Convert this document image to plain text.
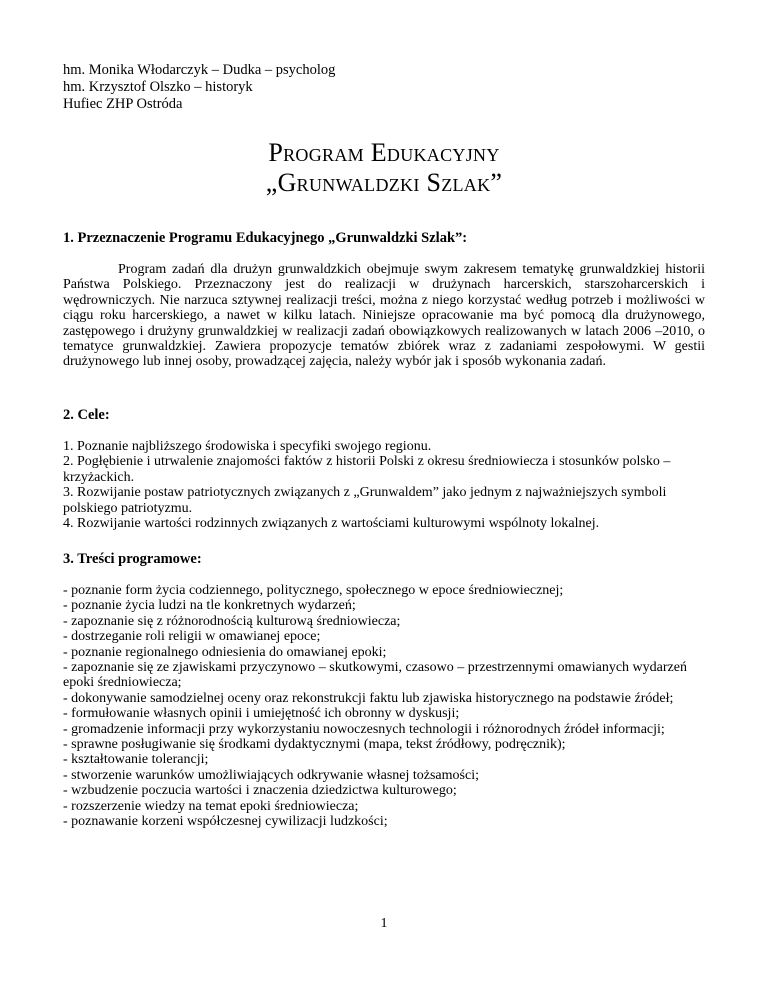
hm. Monika Włodarczyk – Dudka – psycholog
hm. Krzysztof Olszko – historyk
Hufiec ZHP Ostróda
Program Edukacyjny
„Grunwaldzki Szlak”
1. Przeznaczenie Programu Edukacyjnego „Grunwaldzki Szlak”:
Program zadań dla drużyn grunwaldzkich obejmuje swym zakresem tematykę grunwaldzkiej historii Państwa Polskiego. Przeznaczony jest do realizacji w drużynach harcerskich, starszoharcerskich i wędrowniczych. Nie narzuca sztywnej realizacji treści, można z niego korzystać według potrzeb i możliwości w ciągu roku harcerskiego, a nawet w kilku latach. Niniejsze opracowanie ma być pomocą dla drużynowego, zastępowego i drużyny grunwaldzkiej w realizacji zadań obowiązkowych realizowanych w latach 2006 –2010, o tematyce grunwaldzkiej. Zawiera propozycje tematów zbiórek wraz z zadaniami zespołowymi. W gestii drużynowego lub innej osoby, prowadzącej zajęcia, należy wybór jak i sposób wykonania zadań.
2. Cele:
1. Poznanie najbliższego środowiska i specyfiki swojego regionu.
2. Pogłębienie i utrwalenie znajomości faktów z historii Polski z okresu średniowiecza i stosunków polsko – krzyżackich.
3. Rozwijanie postaw patriotycznych związanych z „Grunwaldem” jako jednym z najważniejszych symboli polskiego patriotyzmu.
4. Rozwijanie wartości rodzinnych związanych z wartościami kulturowymi wspólnoty lokalnej.
3. Treści programowe:
- poznanie form życia codziennego, politycznego, społecznego w epoce średniowiecznej;
- poznanie życia ludzi na tle konkretnych wydarzeń;
- zapoznanie się z różnorodnością kulturową średniowiecza;
- dostrzeganie roli religii w omawianej epoce;
- poznanie regionalnego odniesienia do omawianej epoki;
- zapoznanie się ze zjawiskami przyczynowo – skutkowymi, czasowo – przestrzennymi omawianych wydarzeń epoki średniowiecza;
- dokonywanie samodzielnej oceny oraz rekonstrukcji faktu lub zjawiska historycznego na podstawie źródeł;
- formułowanie własnych opinii i umiejętność ich obronny w dyskusji;
- gromadzenie informacji przy wykorzystaniu nowoczesnych technologii i różnorodnych źródeł informacji;
- sprawne posługiwanie się środkami dydaktycznymi (mapa, tekst źródłowy, podręcznik);
- kształtowanie tolerancji;
- stworzenie warunków umożliwiających odkrywanie własnej tożsamości;
- wzbudzenie poczucia wartości i znaczenia dziedzictwa kulturowego;
- rozszerzenie wiedzy na temat epoki średniowiecza;
- poznawanie korzeni współczesnej cywilizacji ludzkości;
1
